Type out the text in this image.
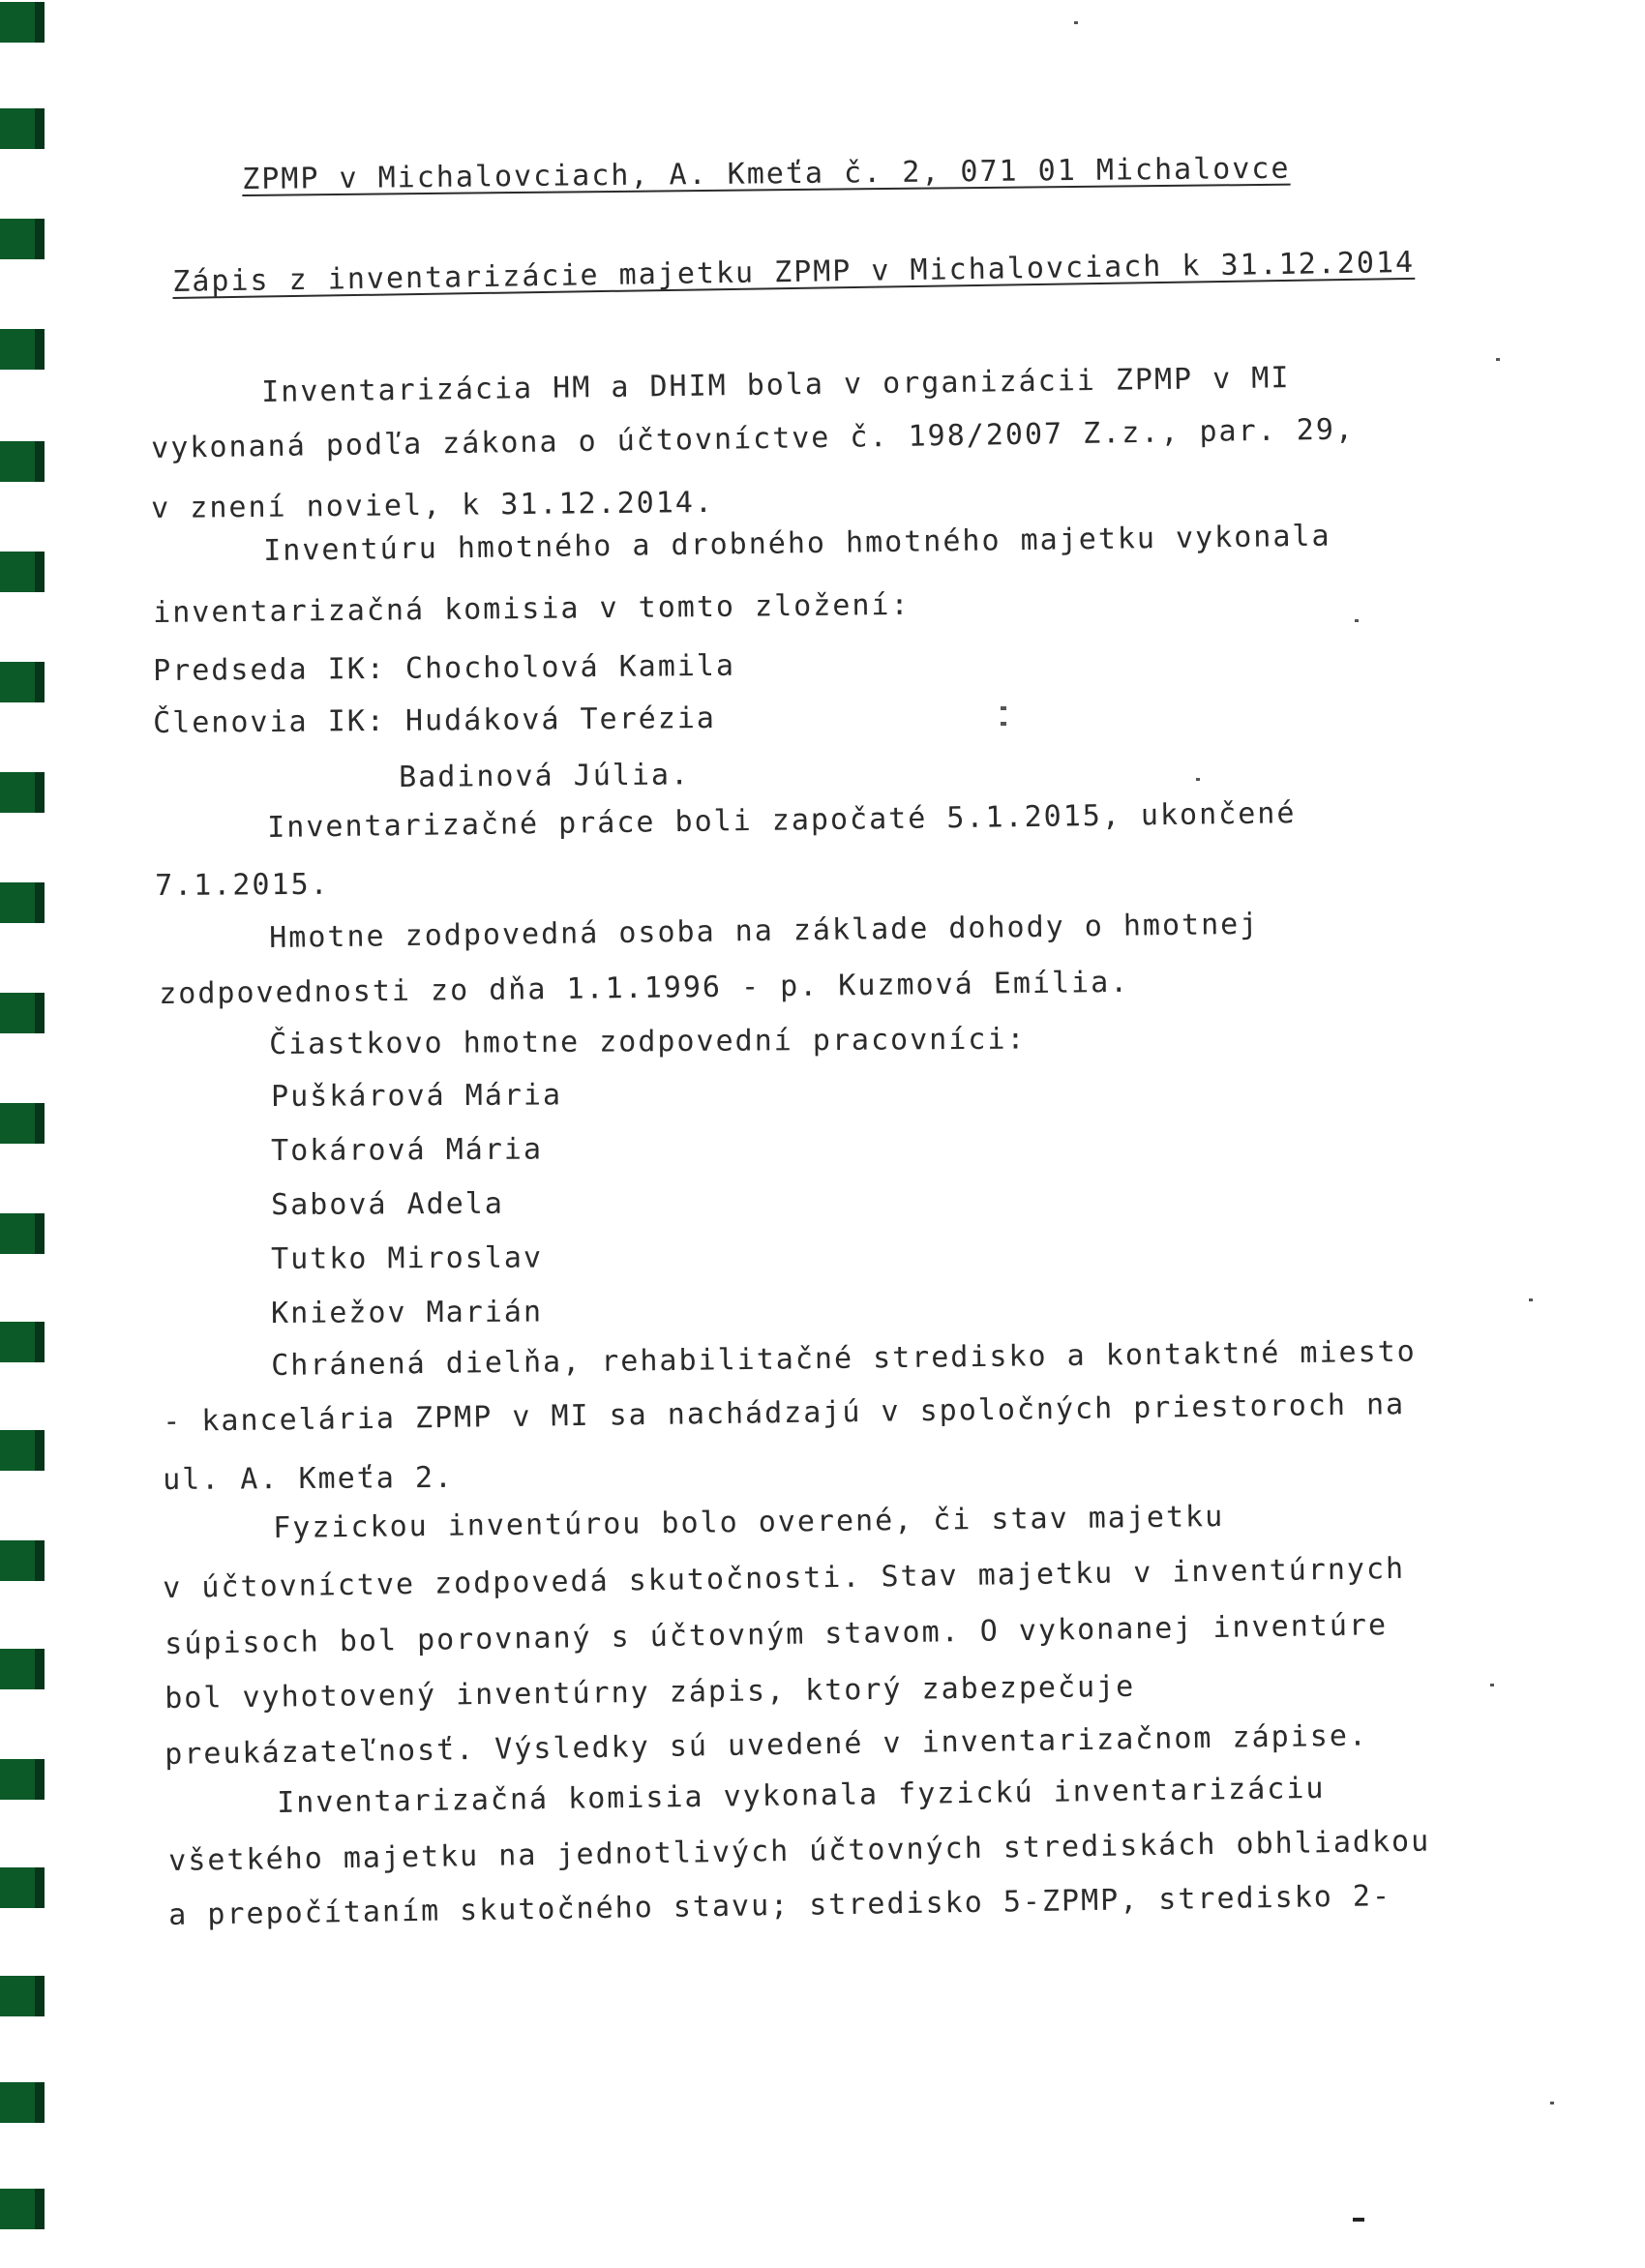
ZPMP v Michalovciach, A. Kmeťa č. 2, 071 01 Michalovce
Zápis z inventarizácie majetku ZPMP v Michalovciach k 31.12.2014
Inventarizácia HM a DHIM bola v organizácii ZPMP v MI
vykonaná podľa zákona o účtovníctve č. 198/2007 Z.z., par. 29,
v znení noviel, k 31.12.2014.
Inventúru hmotného a drobného hmotného majetku vykonala
inventarizačná komisia v tomto zložení:
Predseda IK: Chocholová Kamila
Členovia IK: Hudáková Terézia
Badinová Júlia.
Inventarizačné práce boli započaté 5.1.2015, ukončené
7.1.2015.
Hmotne zodpovedná osoba na základe dohody o hmotnej
zodpovednosti zo dňa 1.1.1996 - p. Kuzmová Emília.
Čiastkovo hmotne zodpovední pracovníci:
Puškárová Mária
Tokárová Mária
Sabová Adela
Tutko Miroslav
Kniežov Marián
Chránená dielňa, rehabilitačné stredisko a kontaktné miesto
- kancelária ZPMP v MI sa nachádzajú v spoločných priestoroch na
ul. A. Kmeťa 2.
Fyzickou inventúrou bolo overené, či stav majetku
v účtovníctve zodpovedá skutočnosti. Stav majetku v inventúrnych
súpisoch bol porovnaný s účtovným stavom. O vykonanej inventúre
bol vyhotovený inventúrny zápis, ktorý zabezpečuje
preukázateľnosť. Výsledky sú uvedené v inventarizačnom zápise.
Inventarizačná komisia vykonala fyzickú inventarizáciu
všetkého majetku na jednotlivých účtovných strediskách obhliadkou
a prepočítaním skutočného stavu; stredisko 5-ZPMP, stredisko 2-
